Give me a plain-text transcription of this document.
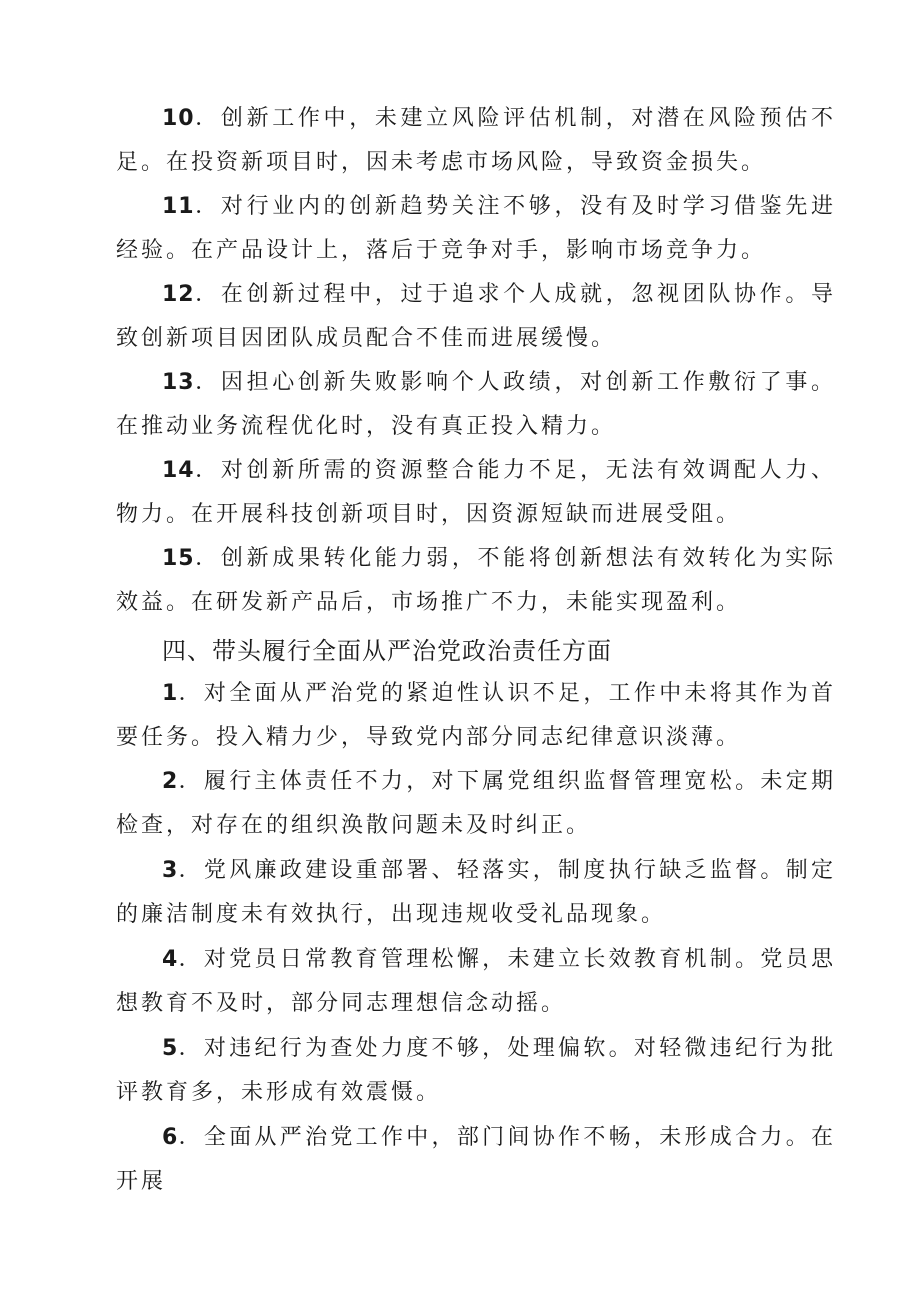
10．创新工作中，未建立风险评估机制，对潜在风险预估不足。在投资新项目时，因未考虑市场风险，导致资金损失。

11．对行业内的创新趋势关注不够，没有及时学习借鉴先进经验。在产品设计上，落后于竞争对手，影响市场竞争力。

12．在创新过程中，过于追求个人成就，忽视团队协作。导致创新项目因团队成员配合不佳而进展缓慢。

13．因担心创新失败影响个人政绩，对创新工作敷衍了事。在推动业务流程优化时，没有真正投入精力。

14．对创新所需的资源整合能力不足，无法有效调配人力、物力。在开展科技创新项目时，因资源短缺而进展受阻。

15．创新成果转化能力弱，不能将创新想法有效转化为实际效益。在研发新产品后，市场推广不力，未能实现盈利。

四、带头履行全面从严治党政治责任方面

1．对全面从严治党的紧迫性认识不足，工作中未将其作为首要任务。投入精力少，导致党内部分同志纪律意识淡薄。

2．履行主体责任不力，对下属党组织监督管理宽松。未定期检查，对存在的组织涣散问题未及时纠正。

3．党风廉政建设重部署、轻落实，制度执行缺乏监督。制定的廉洁制度未有效执行，出现违规收受礼品现象。

4．对党员日常教育管理松懈，未建立长效教育机制。党员思想教育不及时，部分同志理想信念动摇。

5．对违纪行为查处力度不够，处理偏软。对轻微违纪行为批评教育多，未形成有效震慑。

6．全面从严治党工作中，部门间协作不畅，未形成合力。在开展
